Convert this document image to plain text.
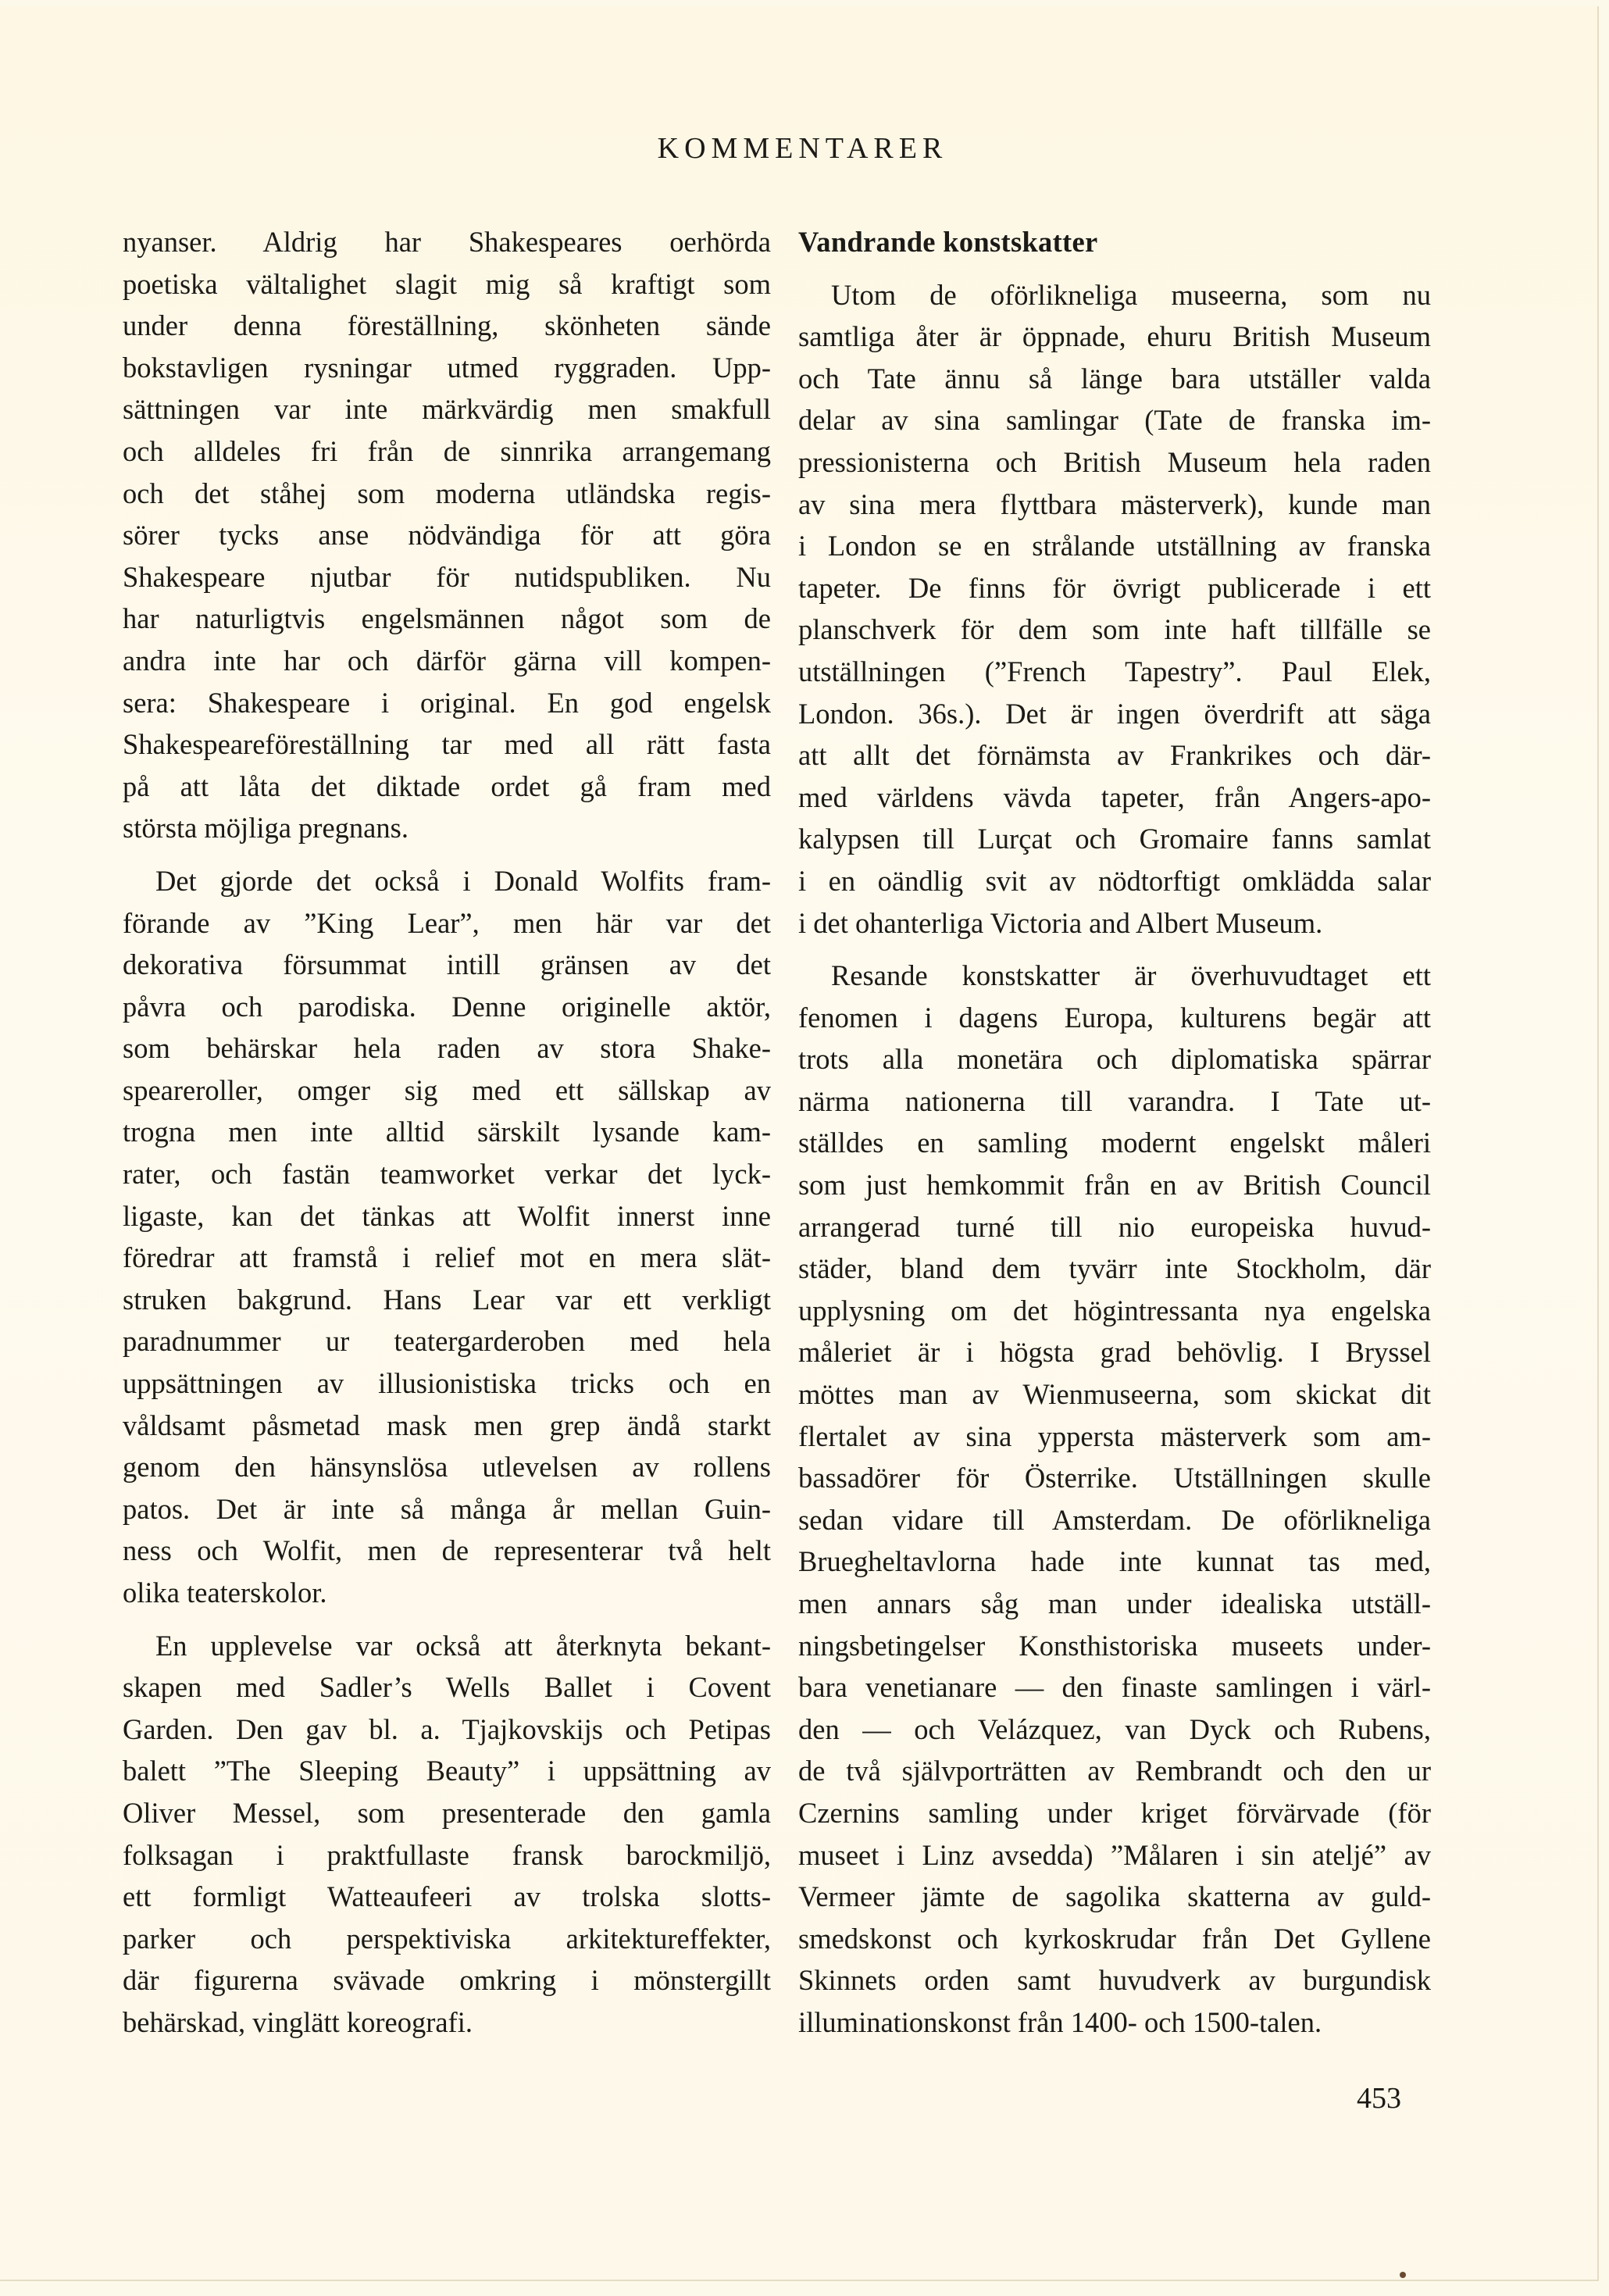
KOMMENTARER
nyanser. Aldrig har Shakespeares oerhörda
poetiska vältalighet slagit mig så kraftigt som
under denna föreställning, skönheten sände
bokstavligen rysningar utmed ryggraden. Upp-
sättningen var inte märkvärdig men smakfull
och alldeles fri från de sinnrika arrangemang
och det ståhej som moderna utländska regis-
sörer tycks anse nödvändiga för att göra
Shakespeare njutbar för nutidspubliken. Nu
har naturligtvis engelsmännen något som de
andra inte har och därför gärna vill kompen-
sera: Shakespeare i original. En god engelsk
Shakespeareföreställning tar med all rätt fasta
på att låta det diktade ordet gå fram med
största möjliga pregnans.
Det gjorde det också i Donald Wolfits fram-
förande av ”King Lear”, men här var det
dekorativa försummat intill gränsen av det
påvra och parodiska. Denne originelle aktör,
som behärskar hela raden av stora Shake-
speareroller, omger sig med ett sällskap av
trogna men inte alltid särskilt lysande kam-
rater, och fastän teamworket verkar det lyck-
ligaste, kan det tänkas att Wolfit innerst inne
föredrar att framstå i relief mot en mera slät-
struken bakgrund. Hans Lear var ett verkligt
paradnummer ur teatergarderoben med hela
uppsättningen av illusionistiska tricks och en
våldsamt påsmetad mask men grep ändå starkt
genom den hänsynslösa utlevelsen av rollens
patos. Det är inte så många år mellan Guin-
ness och Wolfit, men de representerar två helt
olika teaterskolor.
En upplevelse var också att återknyta bekant-
skapen med Sadler’s Wells Ballet i Covent
Garden. Den gav bl. a. Tjajkovskijs och Petipas
balett ”The Sleeping Beauty” i uppsättning av
Oliver Messel, som presenterade den gamla
folksagan i praktfullaste fransk barockmiljö,
ett formligt Watteaufeeri av trolska slotts-
parker och perspektiviska arkitektureffekter,
där figurerna svävade omkring i mönstergillt
behärskad, vinglätt koreografi.
Vandrande konstskatter
Utom de oförlikneliga museerna, som nu
samtliga åter är öppnade, ehuru British Museum
och Tate ännu så länge bara utställer valda
delar av sina samlingar (Tate de franska im-
pressionisterna och British Museum hela raden
av sina mera flyttbara mästerverk), kunde man
i London se en strålande utställning av franska
tapeter. De finns för övrigt publicerade i ett
planschverk för dem som inte haft tillfälle se
utställningen (”French Tapestry”. Paul Elek,
London. 36s.). Det är ingen överdrift att säga
att allt det förnämsta av Frankrikes och där-
med världens vävda tapeter, från Angers-apo-
kalypsen till Lurçat och Gromaire fanns samlat
i en oändlig svit av nödtorftigt omklädda salar
i det ohanterliga Victoria and Albert Museum.
Resande konstskatter är överhuvudtaget ett
fenomen i dagens Europa, kulturens begär att
trots alla monetära och diplomatiska spärrar
närma nationerna till varandra. I Tate ut-
ställdes en samling modernt engelskt måleri
som just hemkommit från en av British Council
arrangerad turné till nio europeiska huvud-
städer, bland dem tyvärr inte Stockholm, där
upplysning om det högintressanta nya engelska
måleriet är i högsta grad behövlig. I Bryssel
möttes man av Wienmuseerna, som skickat dit
flertalet av sina yppersta mästerverk som am-
bassadörer för Österrike. Utställningen skulle
sedan vidare till Amsterdam. De oförlikneliga
Bruegheltavlorna hade inte kunnat tas med,
men annars såg man under idealiska utställ-
ningsbetingelser Konsthistoriska museets under-
bara venetianare — den finaste samlingen i värl-
den — och Velázquez, van Dyck och Rubens,
de två självporträtten av Rembrandt och den ur
Czernins samling under kriget förvärvade (för
museet i Linz avsedda) ”Målaren i sin ateljé” av
Vermeer jämte de sagolika skatterna av guld-
smedskonst och kyrkoskrudar från Det Gyllene
Skinnets orden samt huvudverk av burgundisk
illuminationskonst från 1400- och 1500-talen.
453
